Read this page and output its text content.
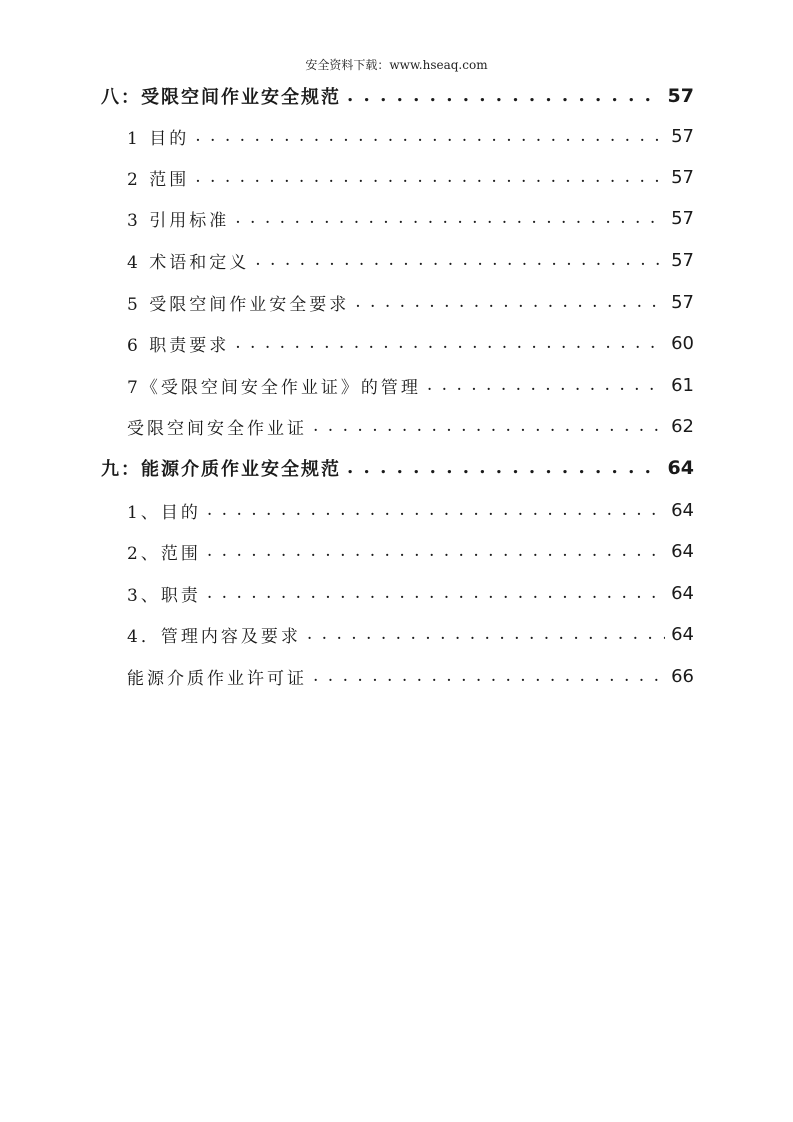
安全资料下载：www.hseaq.com
八：受限空间作业安全规范 . . .	57
1 目的 . . .	57
2 范围 . . .	57
3 引用标准 . . .	57
4 术语和定义 . . .	57
5 受限空间作业安全要求 . . .	57
6 职责要求 . . .	60
7《受限空间安全作业证》的管理 . . .	61
受限空间安全作业证 . . .	62
九：能源介质作业安全规范 . . .	64
1、目的 . . .	64
2、范围 . . .	64
3、职责 . . .	64
4．管理内容及要求 . . .	64
能源介质作业许可证 . . .	66
